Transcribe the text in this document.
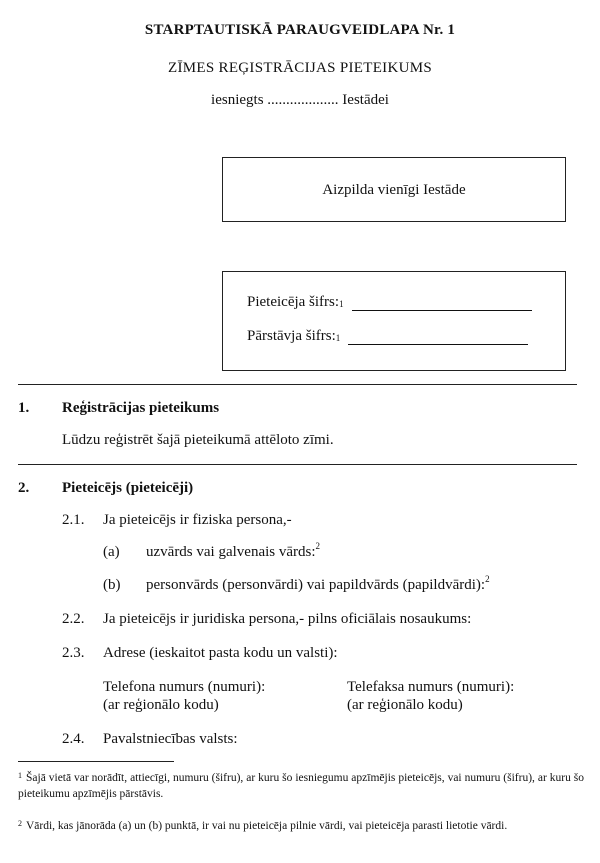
STARPTAUTISKĀ PARAUGVEIDLAPA Nr. 1
ZĪMES REĢISTRĀCIJAS PIETEIKUMS
iesniegts ................... Iestādei
Aizpilda vienīgi Iestāde
Pieteicēja šifrs:$^1$
Pārstāvja šifrs:$^1$
1. Reģistrācijas pieteikums
Lūdzu reģistrēt šajā pieteikumā attēloto zīmi.
2. Pieteicējs (pieteicēji)
2.1. Ja pieteicējs ir fiziska persona,-
(a) uzvārds vai galvenais vārds:$^2$
(b) personvārds (personvārdi) vai papildvārds (papildvārdi):$^2$
2.2. Ja pieteicējs ir juridiska persona,- pilns oficiālais nosaukums:
2.3. Adrese (ieskaitot pasta kodu un valsti):
Telefona numurs (numuri):
(ar reģionālo kodu)
Telefaksa numurs (numuri):
(ar reģionālo kodu)
2.4. Pavalstniecības valsts:
$^1$ Šajā vietā var norādīt, attiecīgi, numuru (šifru), ar kuru šo iesniegumu apzīmējis pieteicējs, vai numuru (šifru), ar kuru šo pieteikumu apzīmējis pārstāvis.
$^2$ Vārdi, kas jānorāda (a) un (b) punktā, ir vai nu pieteicēja pilnie vārdi, vai pieteicēja parasti lietotie vārdi.
